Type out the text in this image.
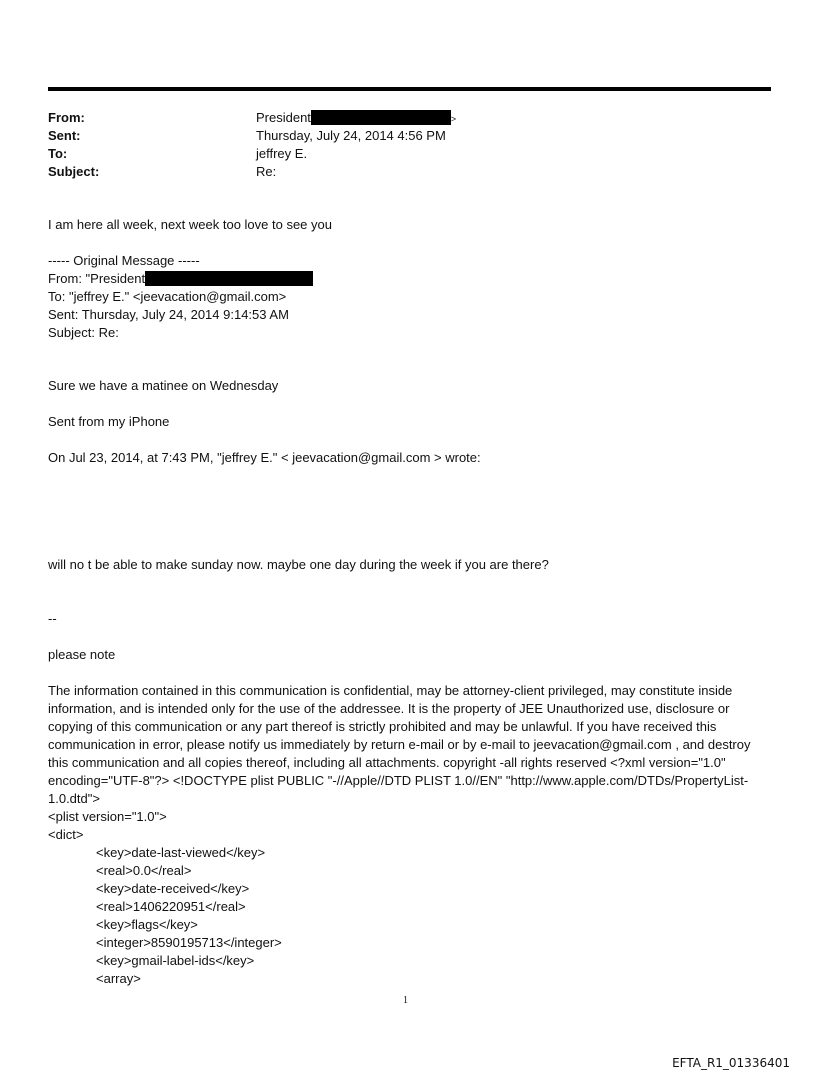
From:	President	>
Sent:	Thursday, July 24, 2014 4:56 PM
To:	jeffrey E.
Subject:	Re:
I am here all week, next week too love to see you
----- Original Message -----
From: "President
To: "jeffrey E." <jeevacation@gmail.com>
Sent: Thursday, July 24, 2014 9:14:53 AM
Subject: Re:
Sure we have a matinee on Wednesday
Sent from my iPhone
On Jul 23, 2014, at 7:43 PM, "jeffrey E." < jeevacation@gmail.com > wrote:
will no t be able to make sunday now. maybe one day during the week if you are there?
--
please note
The information contained in this communication is confidential, may be attorney-client privileged, may constitute inside information, and is intended only for the use of the addressee. It is the property of JEE Unauthorized use, disclosure or copying of this communication or any part thereof is strictly prohibited and may be unlawful. If you have received this communication in error, please notify us immediately by return e-mail or by e-mail to jeevacation@gmail.com , and destroy this communication and all copies thereof, including all attachments. copyright -all rights reserved <?xml version="1.0" encoding="UTF-8"?> <!DOCTYPE plist PUBLIC "-//Apple//DTD PLIST 1.0//EN" "http://www.apple.com/DTDs/PropertyList-1.0.dtd">
<plist version="1.0">
<dict>
<key>date-last-viewed</key>
<real>0.0</real>
<key>date-received</key>
<real>1406220951</real>
<key>flags</key>
<integer>8590195713</integer>
<key>gmail-label-ids</key>
<array>
1
EFTA_R1_01336401
